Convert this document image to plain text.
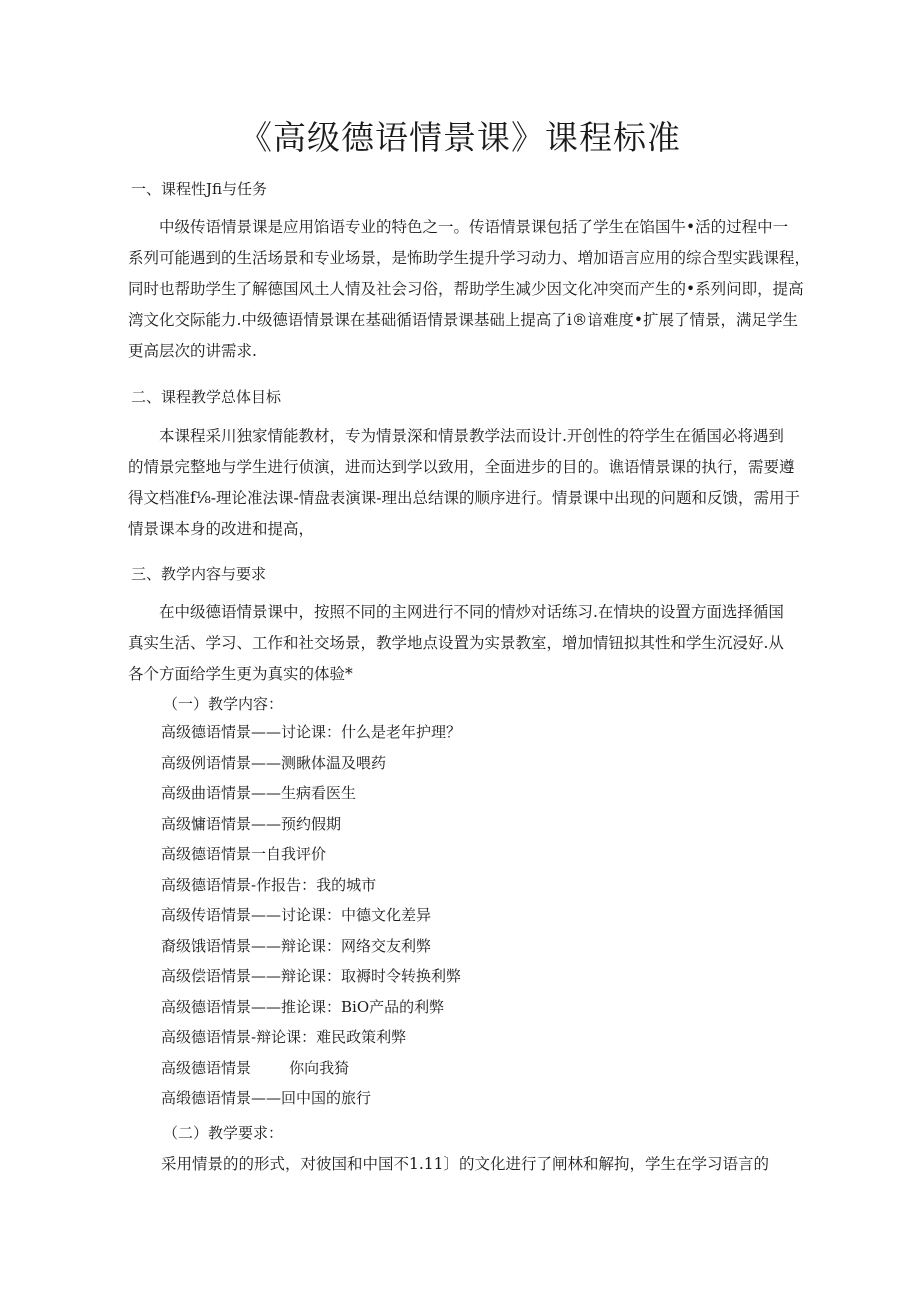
《高级德语情景课》课程标准

一、课程性Jfi与任务

中级传语情景课是应用馅语专业的特色之一。传语情景课包括了学生在馅国牛•活的过程中一
系列可能遇到的生活场景和专业场景，是怖助学生提升学习动力、増加语言应用的综合型实践课程，
同时也帮助学生了解德国风土人情及社会习俗，帮助学生减少因文化冲突而产生的•系列问即，提高
湾文化交际能力.中级德语情景课在基础循语情景课基础上提高了i®谙难度•扩展了情景，满足学生
更高层次的讲需求.

二、课程教学总体目标

本课程采川独家情能教材，专为情景深和情景教学法而设计.开创性的符学生在循国必将遇到
的情景完整地与学生进行侦演，进而达到学以致用，全面进步的目的。谯语情景课的执行，需要遵
得文档准f⅛-理论准法课-情盘表演课-理出总结课的顺序进行。情景课中出现的问题和反馈，需用于
情景课本身的改进和提高，

三、教学内容与要求

在中级德语情景课中，按照不同的主网进行不同的情炒对话练习.在情块的设置方面选择循国
真实生活、学习、工作和社交场景，教学地点设置为实景教室，增加情钮拟其性和学生沉浸好.从
各个方面给学生更为真实的体验*

（一）教学内容：

高级德语情景——讨论课：什么是老年护理？
高级例语情景——测瞅体温及喂药
高级曲语情景——生病看医生
高级慵语情景——预约假期
高级德语情景一自我评价
高级德语情景-作报告：我的城市
高级传语情景——讨论课：中德文化差异
裔级饿语情景——辩论课：网络交友利弊
高级偿语情景——辩论课：取褥时令转换利弊
高级德语情景——推论课：BiO产品的利弊
高级德语情景-辩论课：难民政策利弊
高级德语情景        你向我猗
高缎德语情景——回中国的旅行

（二）教学要求：

采用情景的的形式，对彼国和中国不1.11〕的文化进行了闸林和解拘，学生在学习语言的
